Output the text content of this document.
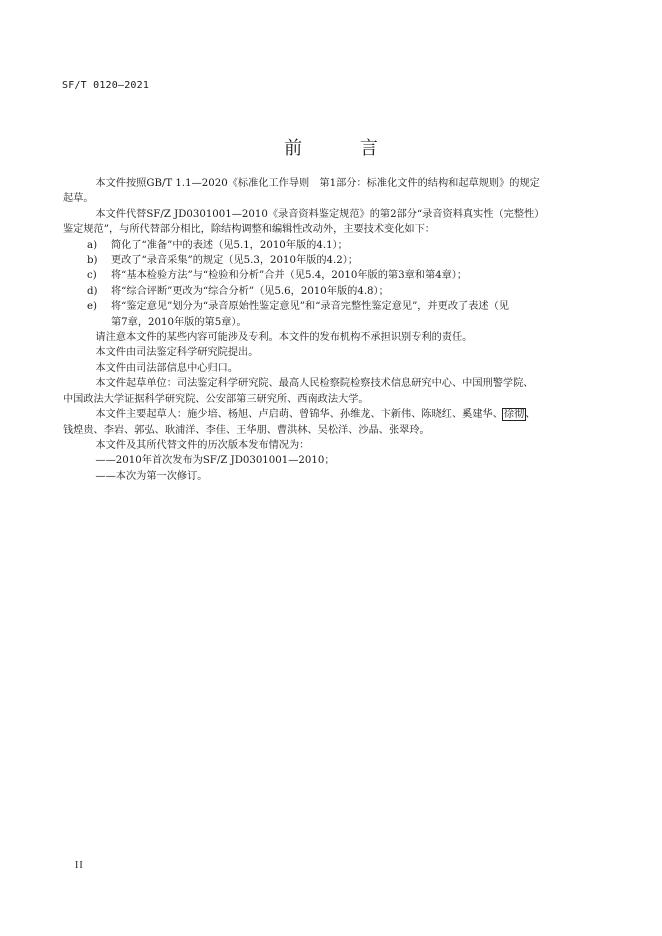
SF/T 0120—2021
前 言

本文件按照GB/T 1.1—2020《标准化工作导则　第1部分：标准化文件的结构和起草规则》的规定

起草。

本文件代替SF/Z JD0301001—2010《录音资料鉴定规范》的第2部分“录音资料真实性（完整性）

鉴定规范”，与所代替部分相比，除结构调整和编辑性改动外，主要技术变化如下：

a) 简化了“准备”中的表述（见5.1，2010年版的4.1）；
b) 更改了“录音采集”的规定（见5.3，2010年版的4.2）；
c) 将“基本检验方法”与“检验和分析”合并（见5.4，2010年版的第3章和第4章）；
d) 将“综合评断”更改为“综合分析”（见5.6，2010年版的4.8）；
e) 将“鉴定意见”划分为“录音原始性鉴定意见”和“录音完整性鉴定意见”，并更改了表述（见
第7章，2010年版的第5章）。

请注意本文件的某些内容可能涉及专利。本文件的发布机构不承担识别专利的责任。

本文件由司法鉴定科学研究院提出。

本文件由司法部信息中心归口。

本文件起草单位：司法鉴定科学研究院、最高人民检察院检察技术信息研究中心、中国刑警学院、

中国政法大学证据科学研究院、公安部第三研究所、西南政法大学。

本文件主要起草人：施少培、杨旭、卢启萌、曾锦华、孙维龙、卞新伟、陈晓红、奚建华、徐彻、

钱煌贵、李岩、郭弘、耿浦洋、李佳、王华朋、曹洪林、吴松洋、沙晶、张翠玲。

本文件及其所代替文件的历次版本发布情况为：

——2010年首次发布为SF/Z JD0301001—2010；

——本次为第一次修订。

II
